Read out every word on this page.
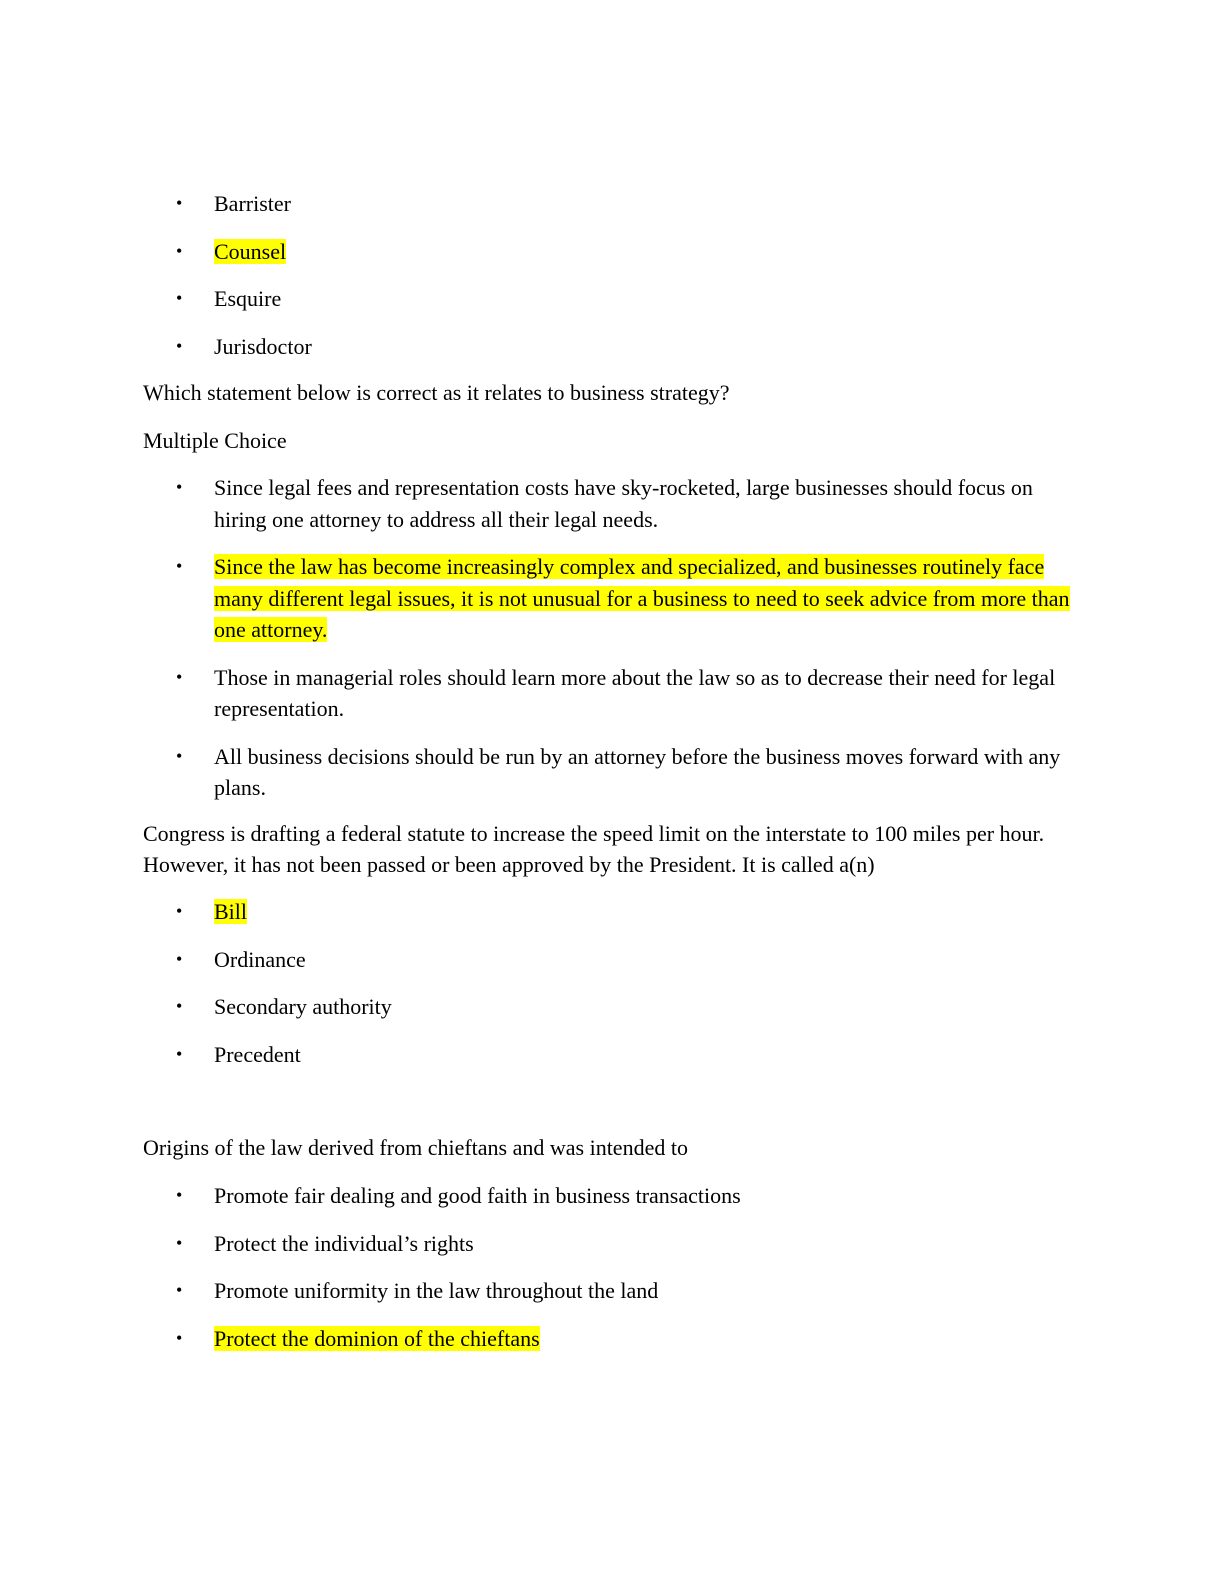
• Barrister
• Counsel
• Esquire
• Jurisdoctor

Which statement below is correct as it relates to business strategy?

Multiple Choice

• Since legal fees and representation costs have sky-rocketed, large businesses should focus on hiring one attorney to address all their legal needs.
• Since the law has become increasingly complex and specialized, and businesses routinely face many different legal issues, it is not unusual for a business to need to seek advice from more than one attorney.
• Those in managerial roles should learn more about the law so as to decrease their need for legal representation.
• All business decisions should be run by an attorney before the business moves forward with any plans.

Congress is drafting a federal statute to increase the speed limit on the interstate to 100 miles per hour. However, it has not been passed or been approved by the President. It is called a(n)

• Bill
• Ordinance
• Secondary authority
• Precedent

Origins of the law derived from chieftans and was intended to

• Promote fair dealing and good faith in business transactions
• Protect the individual’s rights
• Promote uniformity in the law throughout the land
• Protect the dominion of the chieftans
